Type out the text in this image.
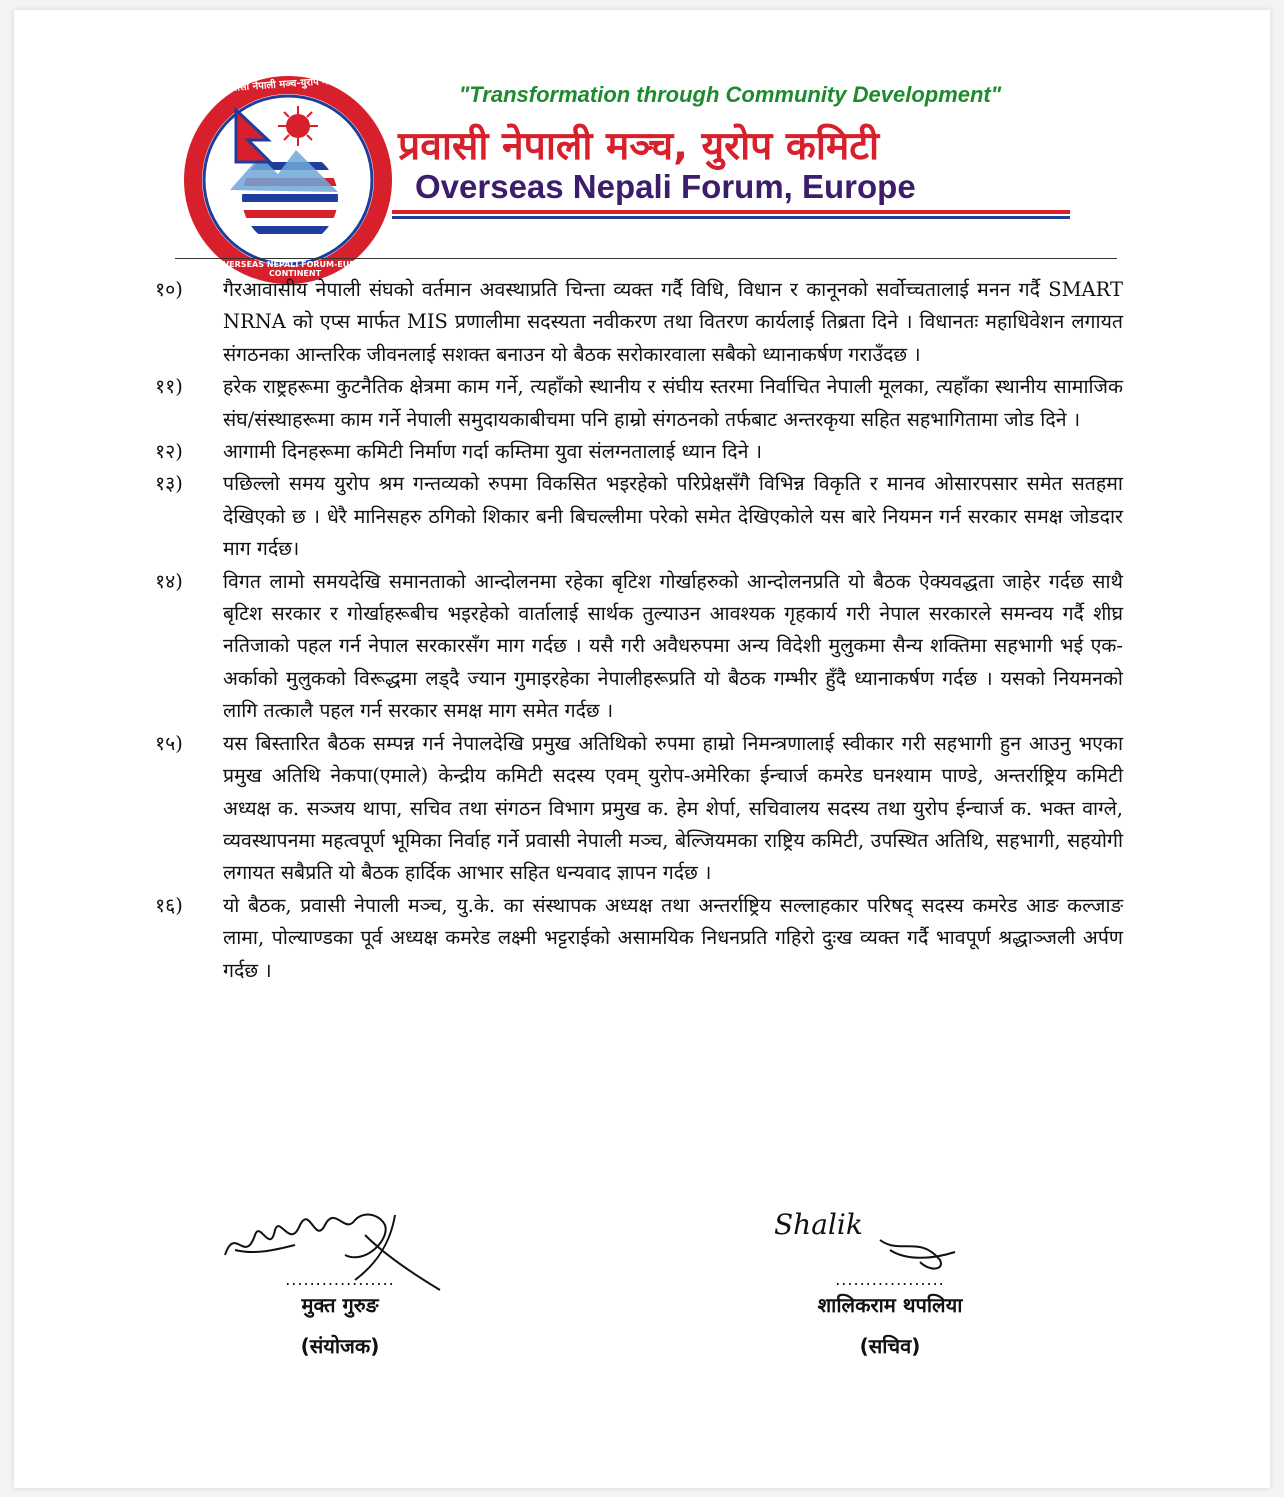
प्रवासी नेपाली मञ्च-युरोप महादेश
OVERSEAS NEPALI FORUM-EUROPE CONTINENT
"Transformation through Community Development"
प्रवासी नेपाली मञ्च, युरोप कमिटी
Overseas Nepali Forum, Europe
१०)	गैरआवासीय नेपाली संघको वर्तमान अवस्थाप्रति चिन्ता व्यक्त गर्दै विधि, विधान र कानूनको सर्वोच्चतालाई मनन गर्दै SMART NRNA को एप्स मार्फत MIS प्रणालीमा सदस्यता नवीकरण तथा वितरण कार्यलाई तिब्रता दिने । विधानतः महाधिवेशन लगायत संगठनका आन्तरिक जीवनलाई सशक्त बनाउन यो बैठक सरोकारवाला सबैको ध्यानाकर्षण गराउँदछ ।
११)	हरेक राष्ट्रहरूमा कुटनैतिक क्षेत्रमा काम गर्ने, त्यहाँको स्थानीय र संघीय स्तरमा निर्वाचित नेपाली मूलका, त्यहाँका स्थानीय सामाजिक संघ/संस्थाहरूमा काम गर्ने नेपाली समुदायकाबीचमा पनि हाम्रो संगठनको तर्फबाट अन्तरकृया सहित सहभागितामा जोड दिने ।
१२)	आगामी दिनहरूमा कमिटी निर्माण गर्दा कम्तिमा युवा संलग्नतालाई ध्यान दिने ।
१३)	पछिल्लो समय युरोप श्रम गन्तव्यको रुपमा विकसित भइरहेको परिप्रेक्षसँगै विभिन्न विकृति र मानव ओसारपसार समेत सतहमा देखिएको छ । धेरै मानिसहरु ठगिको शिकार बनी बिचल्लीमा परेको समेत देखिएकोले यस बारे नियमन गर्न सरकार समक्ष जोडदार माग गर्दछ।
१४)	विगत लामो समयदेखि समानताको आन्दोलनमा रहेका बृटिश गोर्खाहरुको आन्दोलनप्रति यो बैठक ऐक्यवद्धता जाहेर गर्दछ साथै बृटिश सरकार र गोर्खाहरूबीच भइरहेको वार्तालाई सार्थक तुल्याउन आवश्यक गृहकार्य गरी नेपाल सरकारले समन्वय गर्दै शीघ्र नतिजाको पहल गर्न नेपाल सरकारसँग माग गर्दछ । यसै गरी अवैधरुपमा अन्य विदेशी मुलुकमा सैन्य शक्तिमा सहभागी भई एक-अर्काको मुलुकको विरूद्धमा लड्दै ज्यान गुमाइरहेका नेपालीहरूप्रति यो बैठक गम्भीर हुँदै ध्यानाकर्षण गर्दछ । यसको नियमनको लागि तत्कालै पहल गर्न सरकार समक्ष माग समेत गर्दछ ।
१५)	यस बिस्तारित बैठक सम्पन्न गर्न नेपालदेखि प्रमुख अतिथिको रुपमा हाम्रो निमन्त्रणालाई स्वीकार गरी सहभागी हुन आउनु भएका प्रमुख अतिथि नेकपा(एमाले) केन्द्रीय कमिटी सदस्य एवम् युरोप-अमेरिका ईन्चार्ज कमरेड घनश्याम पाण्डे, अन्तर्राष्ट्रिय कमिटी अध्यक्ष क. सञ्जय थापा, सचिव तथा संगठन विभाग प्रमुख क. हेम शेर्पा, सचिवालय सदस्य तथा युरोप ईन्चार्ज क. भक्त वाग्ले, व्यवस्थापनमा महत्वपूर्ण भूमिका निर्वाह गर्ने प्रवासी नेपाली मञ्च, बेल्जियमका राष्ट्रिय कमिटी, उपस्थित अतिथि, सहभागी, सहयोगी लगायत सबैप्रति यो बैठक हार्दिक आभार सहित धन्यवाद ज्ञापन गर्दछ ।
१६)	यो बैठक, प्रवासी नेपाली मञ्च, यु.के. का संस्थापक अध्यक्ष तथा अन्तर्राष्ट्रिय सल्लाहकार परिषद् सदस्य कमरेड आङ कल्जाङ लामा, पोल्याण्डका पूर्व अध्यक्ष कमरेड लक्ष्मी भट्टराईको असामयिक निधनप्रति गहिरो दुःख व्यक्त गर्दै भावपूर्ण श्रद्धाञ्जली अर्पण गर्दछ ।
Shalik
..................
मुक्त गुरुङ
(संयोजक)
..................
शालिकराम थपलिया
(सचिव)
